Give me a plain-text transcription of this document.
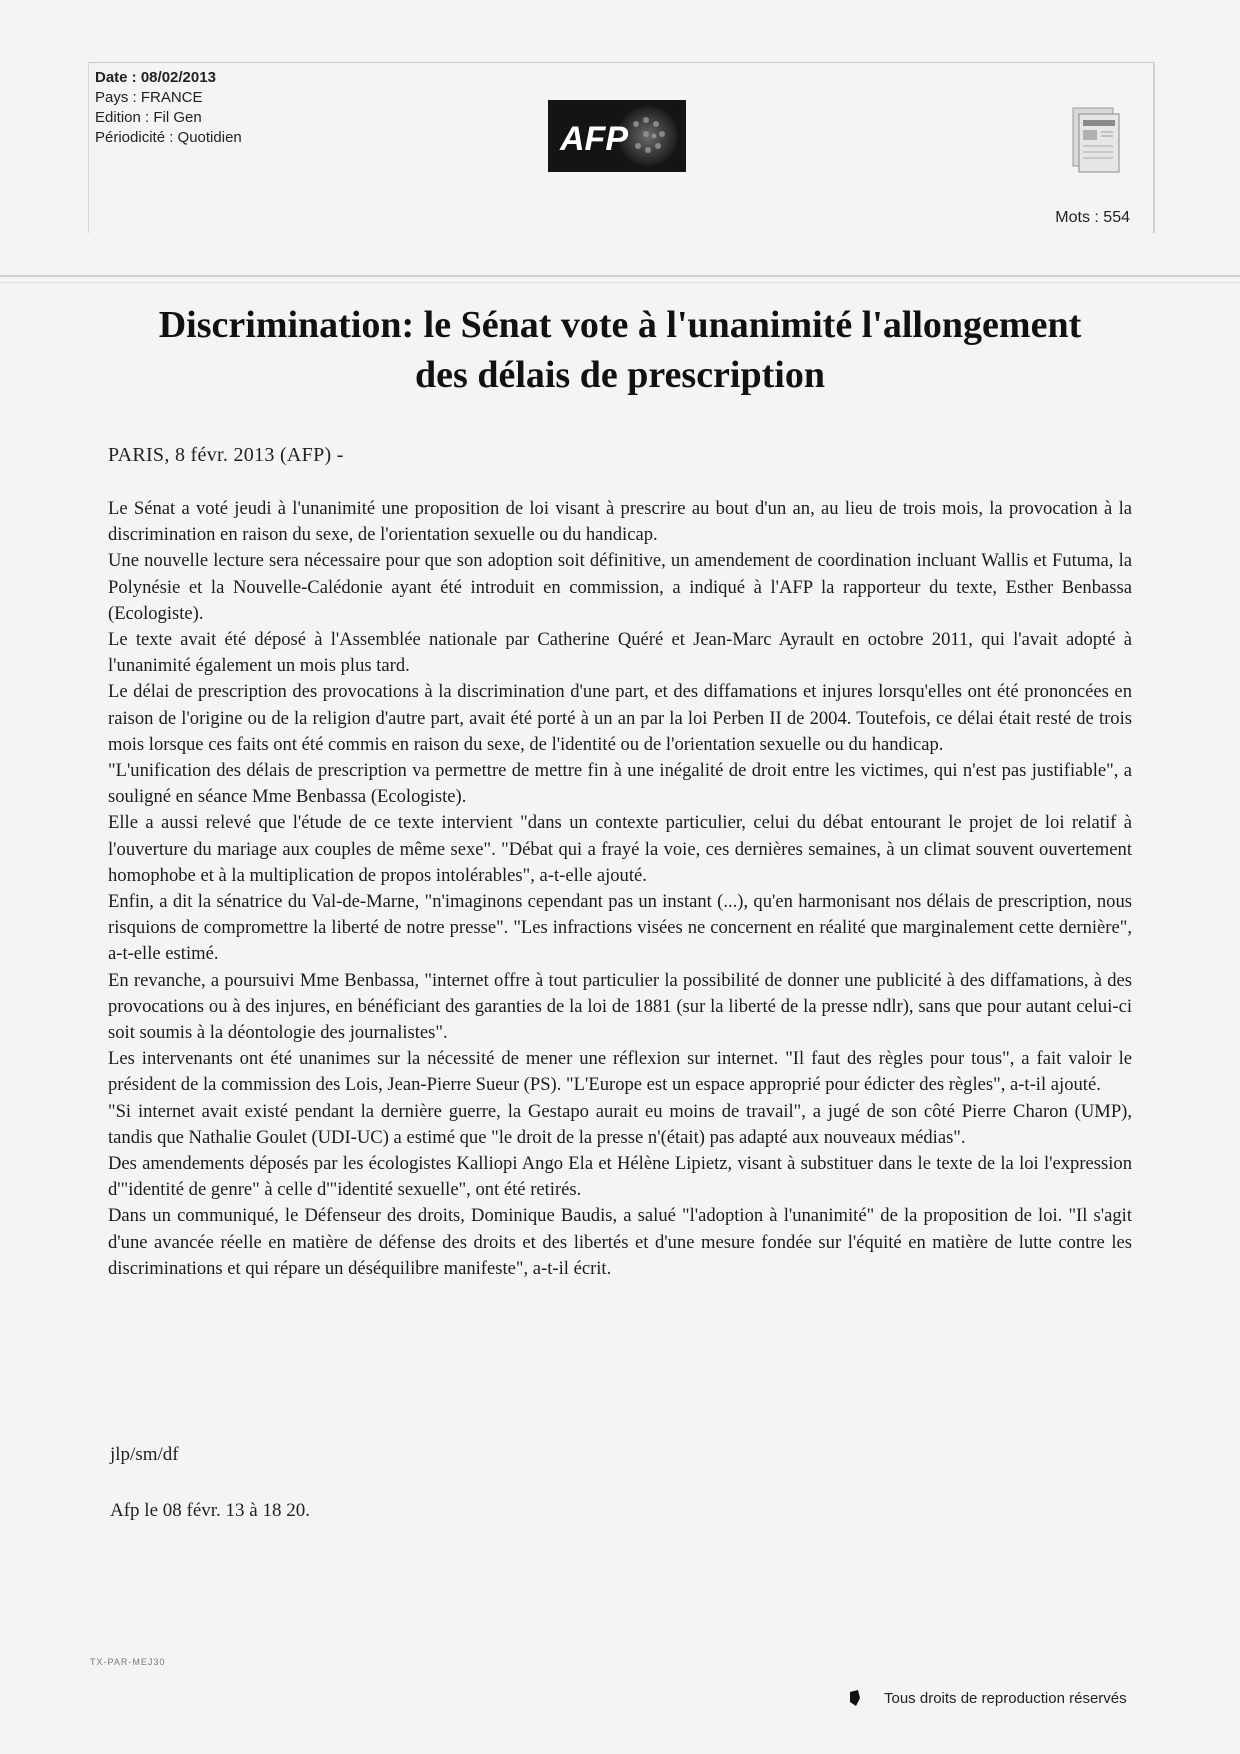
Date : 08/02/2013
Pays : FRANCE
Edition : Fil Gen
Périodicité : Quotidien	AFP
Mots : 554
Discrimination: le Sénat vote à l'unanimité l'allongement
des délais de prescription
PARIS, 8 févr. 2013 (AFP) -

Le Sénat a voté jeudi à l'unanimité une proposition de loi visant à prescrire au bout d'un an, au lieu de trois mois, la provocation à la discrimination en raison du sexe, de l'orientation sexuelle ou du handicap.

Une nouvelle lecture sera nécessaire pour que son adoption soit définitive, un amendement de coordination incluant Wallis et Futuma, la Polynésie et la Nouvelle-Calédonie ayant été introduit en commission, a indiqué à l'AFP la rapporteur du texte, Esther Benbassa (Ecologiste).

Le texte avait été déposé à l'Assemblée nationale par Catherine Quéré et Jean-Marc Ayrault en octobre 2011, qui l'avait adopté à l'unanimité également un mois plus tard.

Le délai de prescription des provocations à la discrimination d'une part, et des diffamations et injures lorsqu'elles ont été prononcées en raison de l'origine ou de la religion d'autre part, avait été porté à un an par la loi Perben II de 2004. Toutefois, ce délai était resté de trois mois lorsque ces faits ont été commis en raison du sexe, de l'identité ou de l'orientation sexuelle ou du handicap.

"L'unification des délais de prescription va permettre de mettre fin à une inégalité de droit entre les victimes, qui n'est pas justifiable", a souligné en séance Mme Benbassa (Ecologiste).

Elle a aussi relevé que l'étude de ce texte intervient "dans un contexte particulier, celui du débat entourant le projet de loi relatif à l'ouverture du mariage aux couples de même sexe". "Débat qui a frayé la voie, ces dernières semaines, à un climat souvent ouvertement homophobe et à la multiplication de propos intolérables", a-t-elle ajouté.

Enfin, a dit la sénatrice du Val-de-Marne, "n'imaginons cependant pas un instant (...), qu'en harmonisant nos délais de prescription, nous risquions de compromettre la liberté de notre presse". "Les infractions visées ne concernent en réalité que marginalement cette dernière", a-t-elle estimé.

En revanche, a poursuivi Mme Benbassa, "internet offre à tout particulier la possibilité de donner une publicité à des diffamations, à des provocations ou à des injures, en bénéficiant des garanties de la loi de 1881 (sur la liberté de la presse ndlr), sans que pour autant celui-ci soit soumis à la déontologie des journalistes".

Les intervenants ont été unanimes sur la nécessité de mener une réflexion sur internet. "Il faut des règles pour tous", a fait valoir le président de la commission des Lois, Jean-Pierre Sueur (PS). "L'Europe est un espace approprié pour édicter des règles", a-t-il ajouté.

"Si internet avait existé pendant la dernière guerre, la Gestapo aurait eu moins de travail", a jugé de son côté Pierre Charon (UMP), tandis que Nathalie Goulet (UDI-UC) a estimé que "le droit de la presse n'(était) pas adapté aux nouveaux médias".

Des amendements déposés par les écologistes Kalliopi Ango Ela et Hélène Lipietz, visant à substituer dans le texte de la loi l'expression d'"identité de genre" à celle d'"identité sexuelle", ont été retirés.

Dans un communiqué, le Défenseur des droits, Dominique Baudis, a salué "l'adoption à l'unanimité" de la proposition de loi. "Il s'agit d'une avancée réelle en matière de défense des droits et des libertés et d'une mesure fondée sur l'équité en matière de lutte contre les discriminations et qui répare un déséquilibre manifeste", a-t-il écrit.

jlp/sm/df
Afp le 08 févr. 13 à 18 20.
TX-PAR-MEJ30
Tous droits de reproduction réservés
